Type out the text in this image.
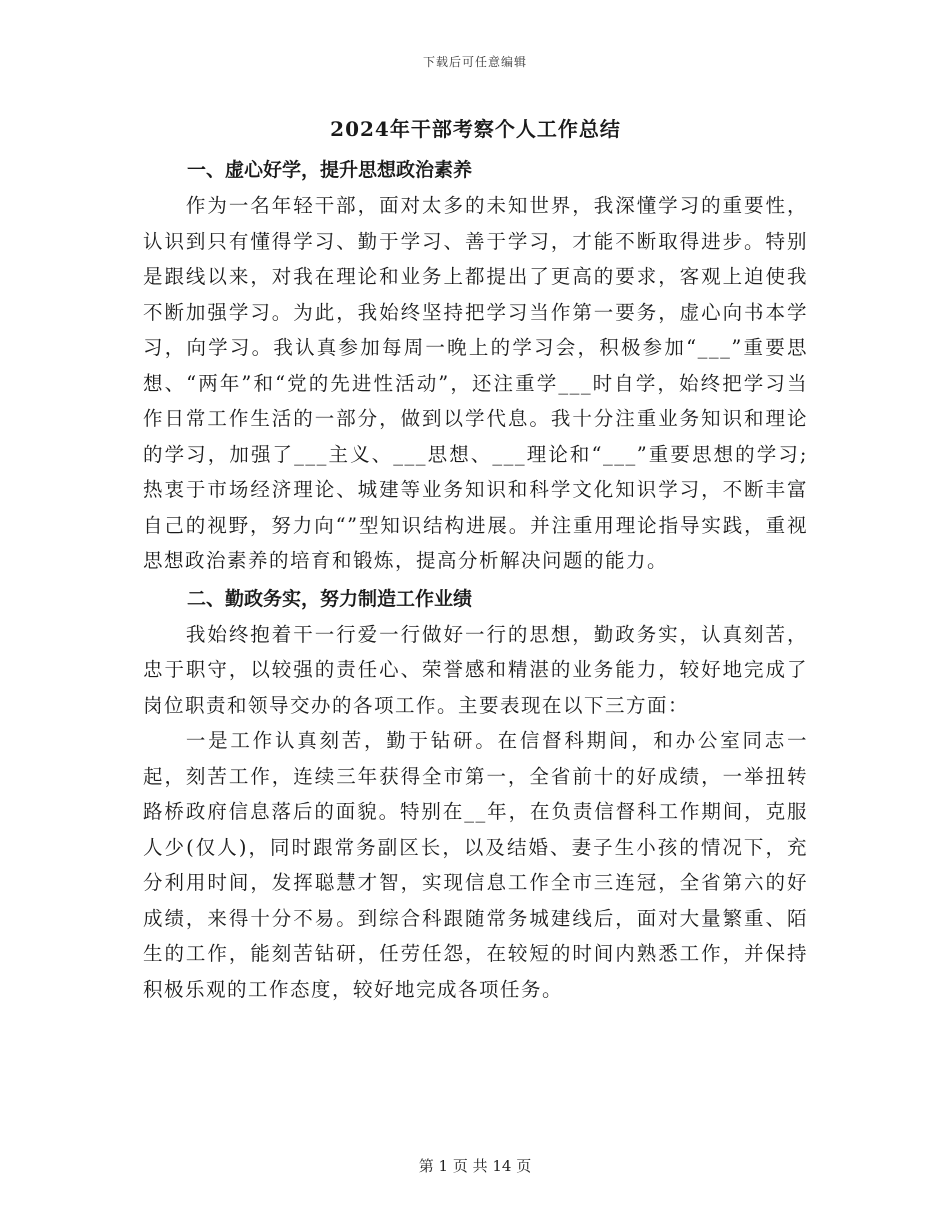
下载后可任意编辑
2024年干部考察个人工作总结
一、虚心好学，提升思想政治素养

作为一名年轻干部，面对太多的未知世界，我深懂学习的重要性，认识到只有懂得学习、勤于学习、善于学习，才能不断取得进步。特别是跟线以来，对我在理论和业务上都提出了更高的要求，客观上迫使我不断加强学习。为此，我始终坚持把学习当作第一要务，虚心向书本学习，向学习。我认真参加每周一晚上的学习会，积极参加“___”重要思想、“两年”和“党的先进性活动”，还注重学___时自学，始终把学习当作日常工作生活的一部分，做到以学代息。我十分注重业务知识和理论的学习，加强了___主义、___思想、___理论和“___”重要思想的学习;热衷于市场经济理论、城建等业务知识和科学文化知识学习，不断丰富自己的视野，努力向“”型知识结构进展。并注重用理论指导实践，重视思想政治素养的培育和锻炼，提高分析解决问题的能力。

二、勤政务实，努力制造工作业绩

我始终抱着干一行爱一行做好一行的思想，勤政务实，认真刻苦，忠于职守，以较强的责任心、荣誉感和精湛的业务能力，较好地完成了岗位职责和领导交办的各项工作。主要表现在以下三方面：

一是工作认真刻苦，勤于钻研。在信督科期间，和办公室同志一起，刻苦工作，连续三年获得全市第一，全省前十的好成绩，一举扭转路桥政府信息落后的面貌。特别在__年，在负责信督科工作期间，克服人少(仅人)，同时跟常务副区长，以及结婚、妻子生小孩的情况下，充分利用时间，发挥聪慧才智，实现信息工作全市三连冠，全省第六的好成绩，来得十分不易。到综合科跟随常务城建线后，面对大量繁重、陌生的工作，能刻苦钻研，任劳任怨，在较短的时间内熟悉工作，并保持积极乐观的工作态度，较好地完成各项任务。

第 1 页 共 14 页
